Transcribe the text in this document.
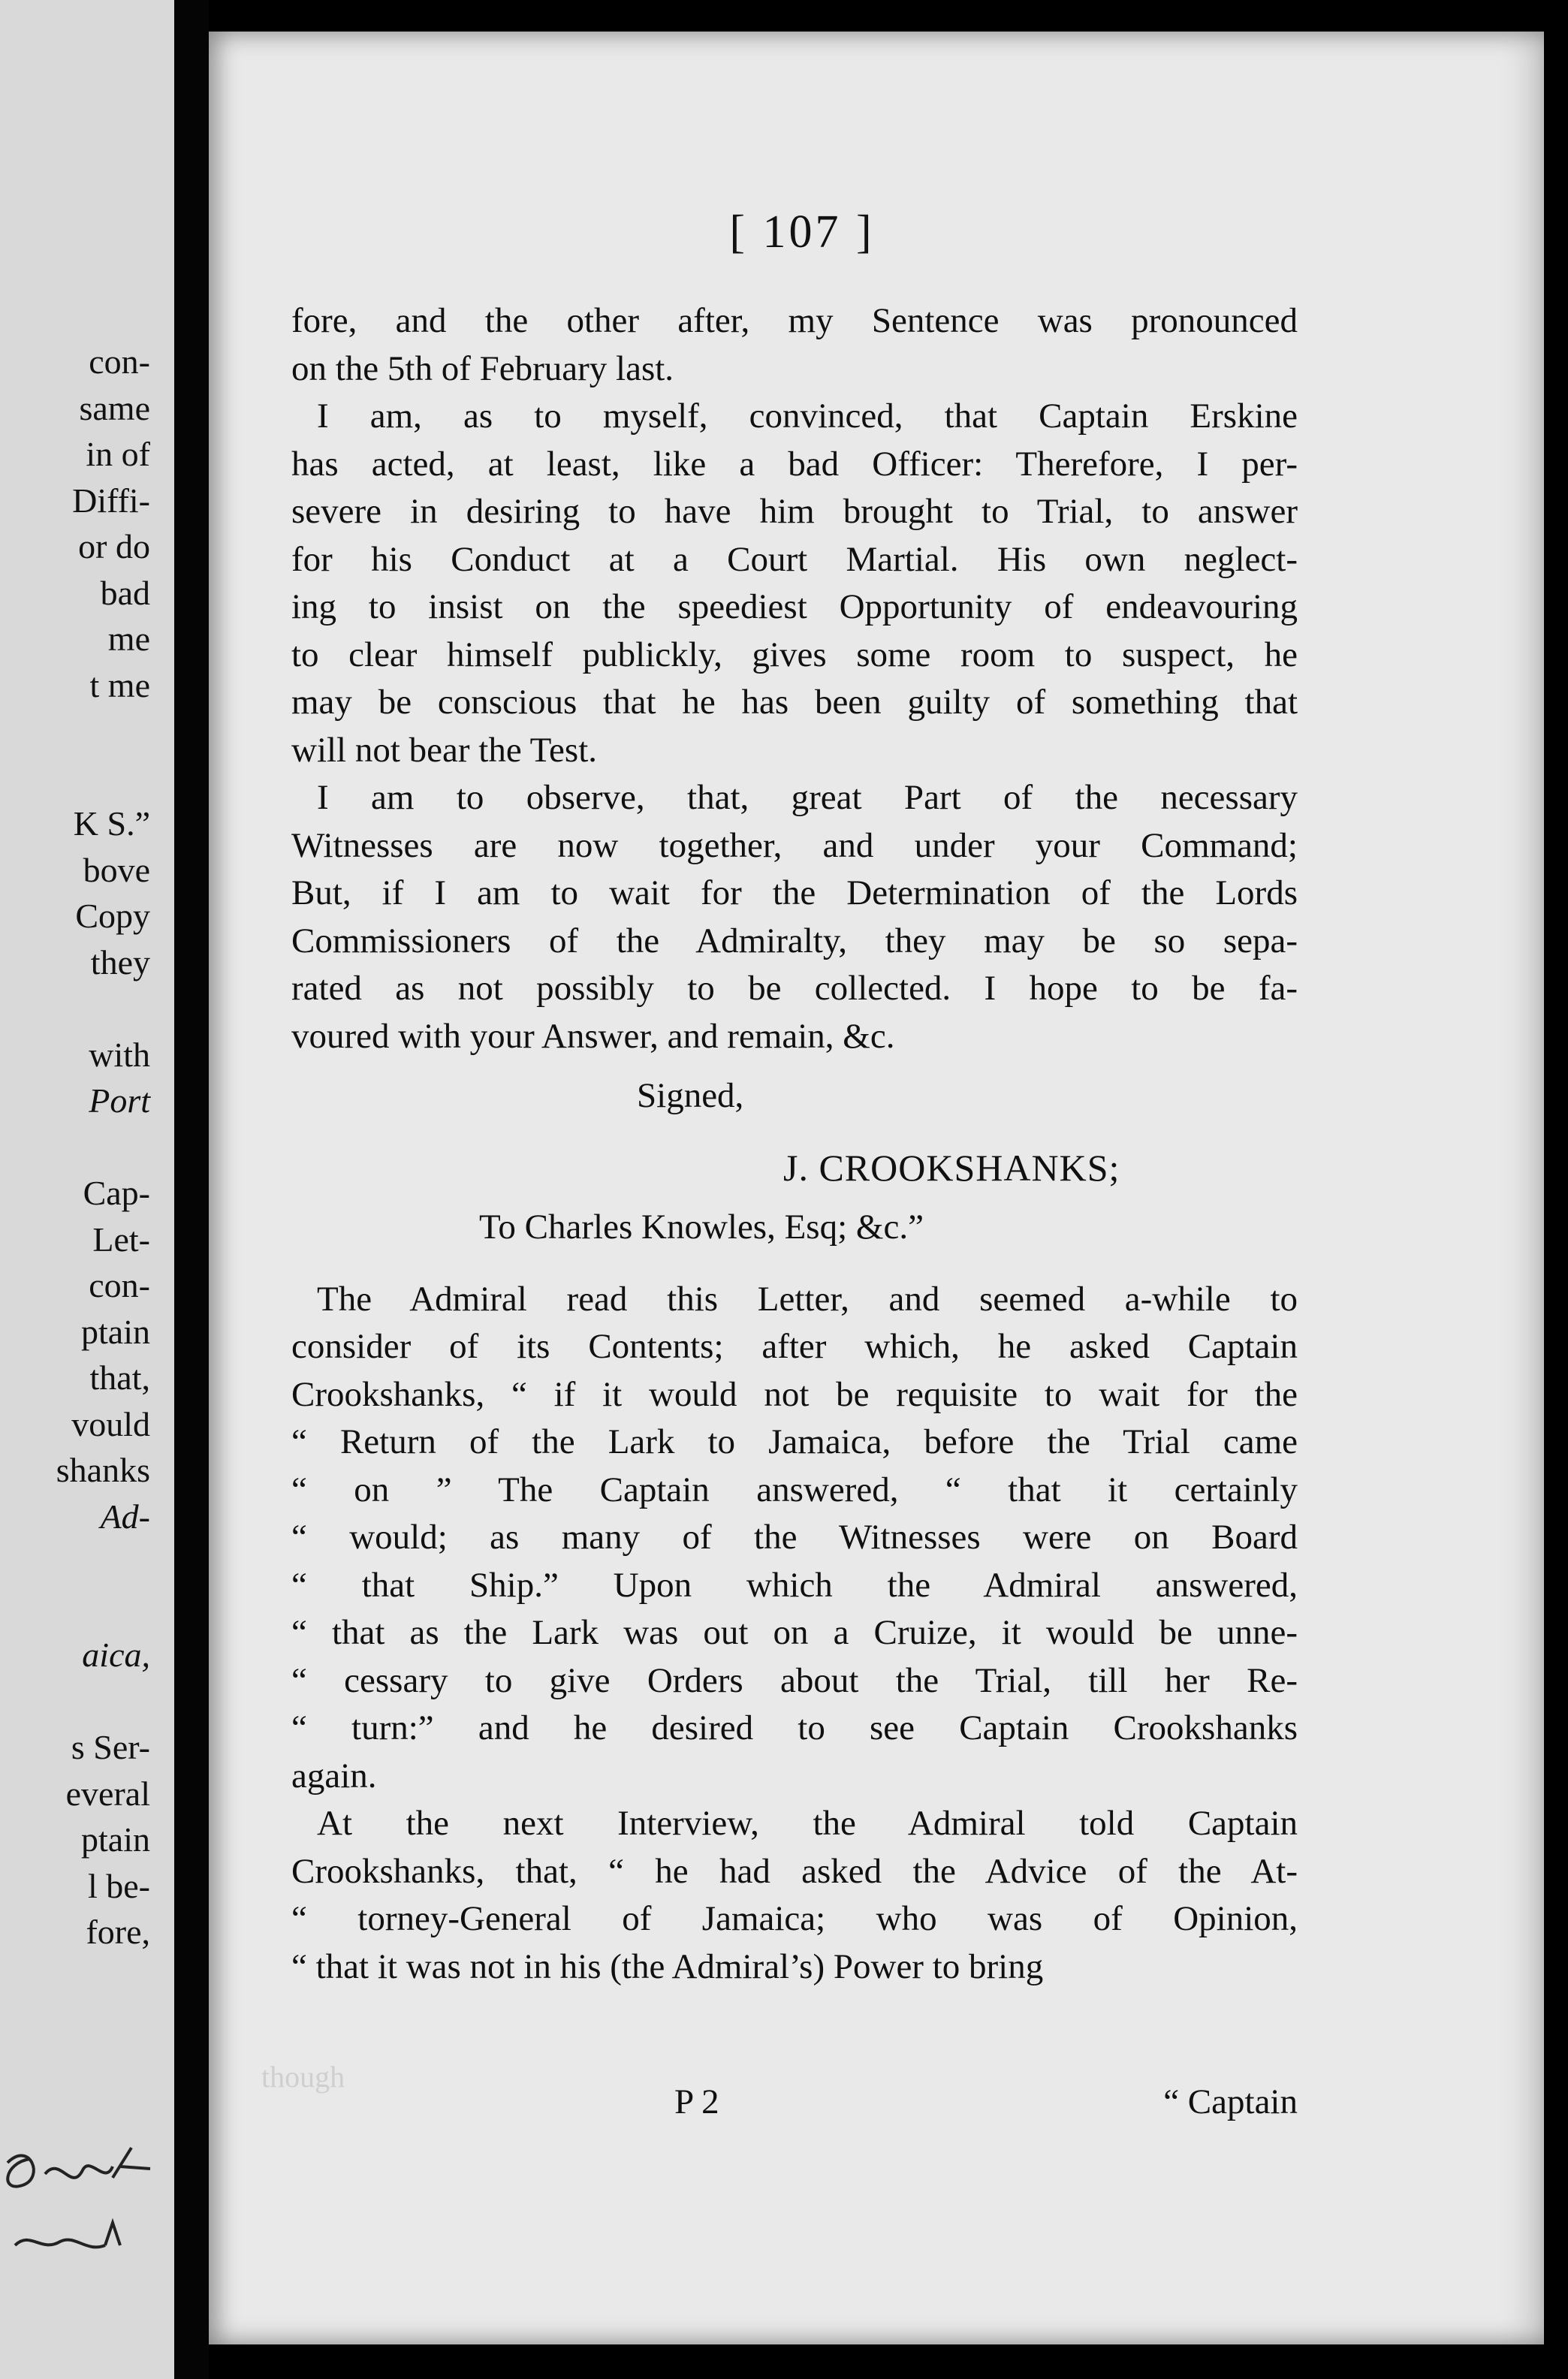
con-
same
in of
Diffi-
or do
bad
me
t me
K S.”
bove
Copy
they
with
Port
Cap-
Let-
con-
ptain
that,
vould
shanks
Ad-
aica,
s Ser-
everal
ptain
l be-
fore,
[ 107 ]
fore, and the other after, my Sentence was pronounced
on the 5th of February last.
I am, as to myself, convinced, that Captain Erskine
has acted, at least, like a bad Officer: Therefore, I per-
severe in desiring to have him brought to Trial, to answer
for his Conduct at a Court Martial. His own neglect-
ing to insist on the speediest Opportunity of endeavouring
to clear himself publickly, gives some room to suspect, he
may be conscious that he has been guilty of something that
will not bear the Test.
I am to observe, that, great Part of the necessary
Witnesses are now together, and under your Command;
But, if I am to wait for the Determination of the Lords
Commissioners of the Admiralty, they may be so sepa-
rated as not possibly to be collected. I hope to be fa-
voured with your Answer, and remain, &c.
Signed,
J. CROOKSHANKS;
To Charles Knowles, Esq; &c.”
The Admiral read this Letter, and seemed a-while to
consider of its Contents; after which, he asked Captain
Crookshanks, “ if it would not be requisite to wait for the
“ Return of the Lark to Jamaica, before the Trial came
“ on ” The Captain answered, “ that it certainly
“ would; as many of the Witnesses were on Board
“ that Ship.” Upon which the Admiral answered,
“ that as the Lark was out on a Cruize, it would be unne-
“ cessary to give Orders about the Trial, till her Re-
“ turn:” and he desired to see Captain Crookshanks
again.
At the next Interview, the Admiral told Captain
Crookshanks, that, “ he had asked the Advice of the At-
“ torney-General of Jamaica; who was of Opinion,
“ that it was not in his (the Admiral’s) Power to bring
P 2	“ Captain
though
